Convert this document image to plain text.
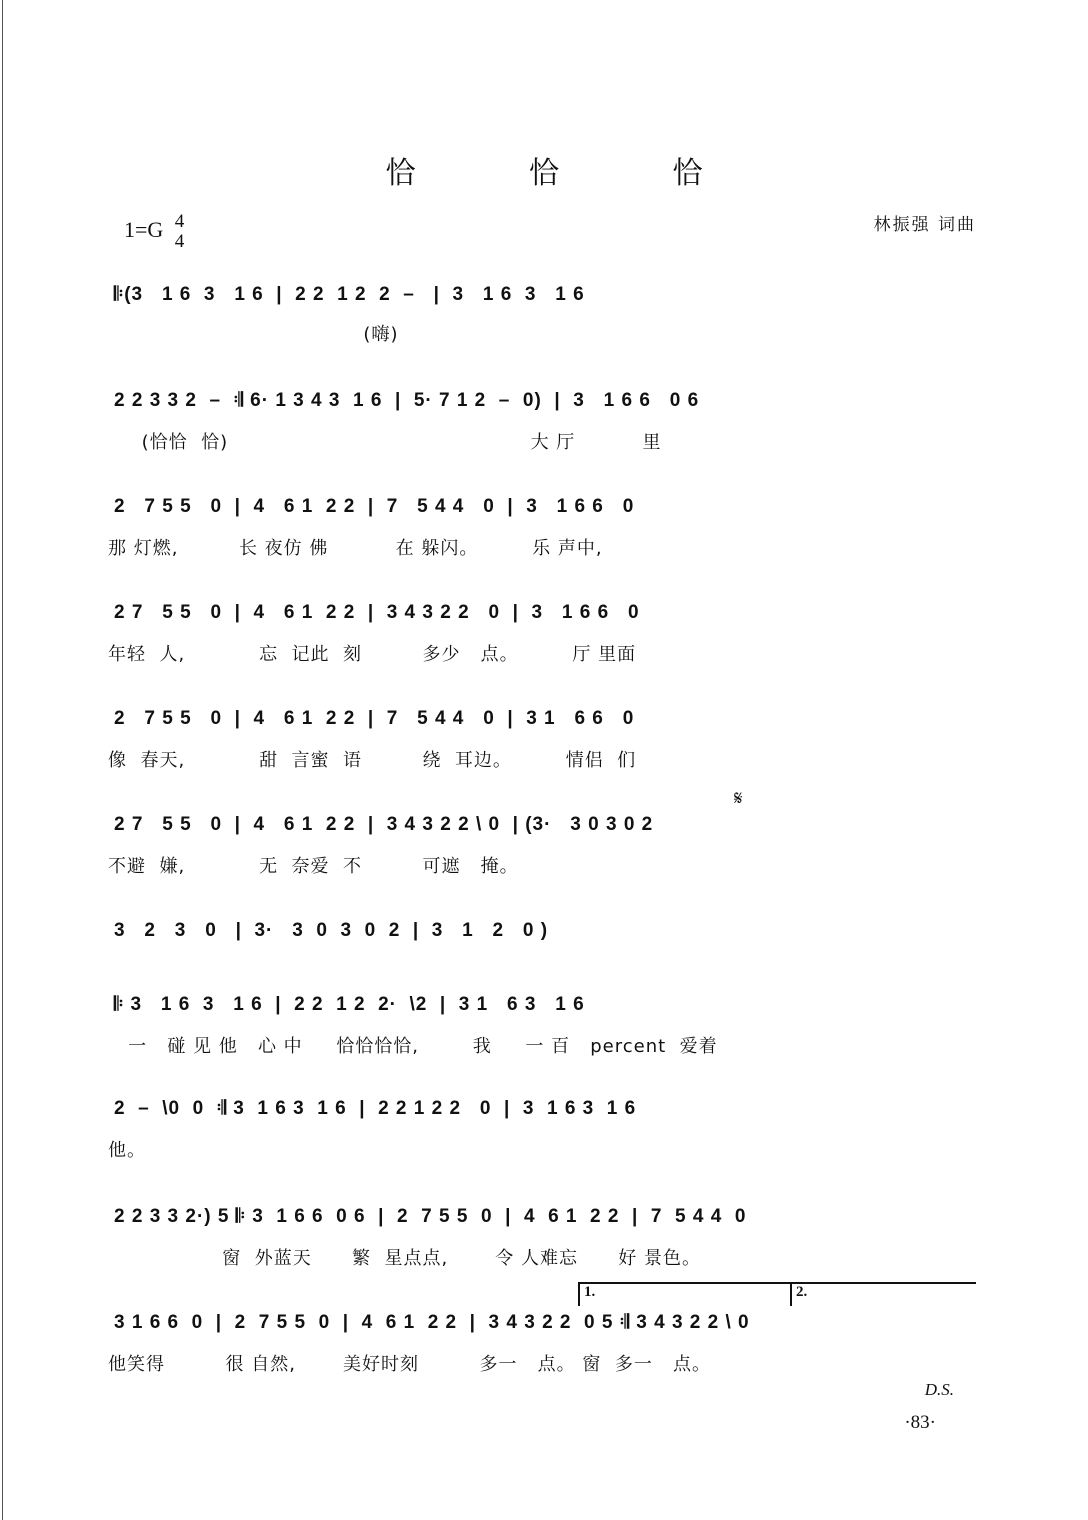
恰 恰 恰
1=G 4
4
林振强 词曲
𝄆(3   1 6  3   1 6  |  2 2  1 2  2  –   |  3   1 6  3   1 6
(嗨)
2 2 3 3 2  –  𝄇 6· 1 3 4 3  1 6  |  5· 7 1 2  –  0)  |  3   1 6 6   0 6
(恰恰  恰)                                             大 厅          里
2   7 5 5   0  |  4   6 1  2 2  |  7   5 4 4   0  |  3   1 6 6   0
那 灯燃,         长 夜仿 佛          在 躲闪。        乐 声中,
2 7   5 5   0  |  4   6 1  2 2  |  3 4 3 2 2   0  |  3   1 6 6   0
年轻  人,           忘  记此  刻         多少   点。        厅 里面
2   7 5 5   0  |  4   6 1  2 2  |  7   5 4 4   0  |  3 1   6 6   0
像  春天,           甜  言蜜  语         绕  耳边。        情侣  们
𝄋
2 7   5 5   0  |  4   6 1  2 2  |  3 4 3 2 2 \ 0  | (3·   3 0 3 0 2
不避  嫌,           无  奈爱  不         可遮   掩。
3   2   3   0   |  3·   3  0  3  0  2  |  3   1   2   0 )
𝄆 3   1 6  3   1 6  |  2 2  1 2  2·  \2  |  3 1   6 3   1 6
一   碰 见 他   心 中     恰恰恰恰,        我     一 百   percent  爱着
2  –  \0  0  𝄇 3  1 6 3  1 6  |  2 2 1 2 2   0  |  3  1 6 3  1 6
他。
2 2 3 3 2·) 5 𝄆 3  1 6 6  0 6  |  2  7 5 5  0  |  4  6 1  2 2  |  7  5 4 4  0
窗  外蓝天      繁  星点点,       令 人难忘      好 景色。
1.	2.
3 1 6 6  0  |  2  7 5 5  0  |  4  6 1  2 2  |  3 4 3 2 2  0 5 𝄇 3 4 3 2 2 \ 0
他笑得         很 自然,       美好时刻         多一   点。 窗  多一   点。
D.S.
·83·
